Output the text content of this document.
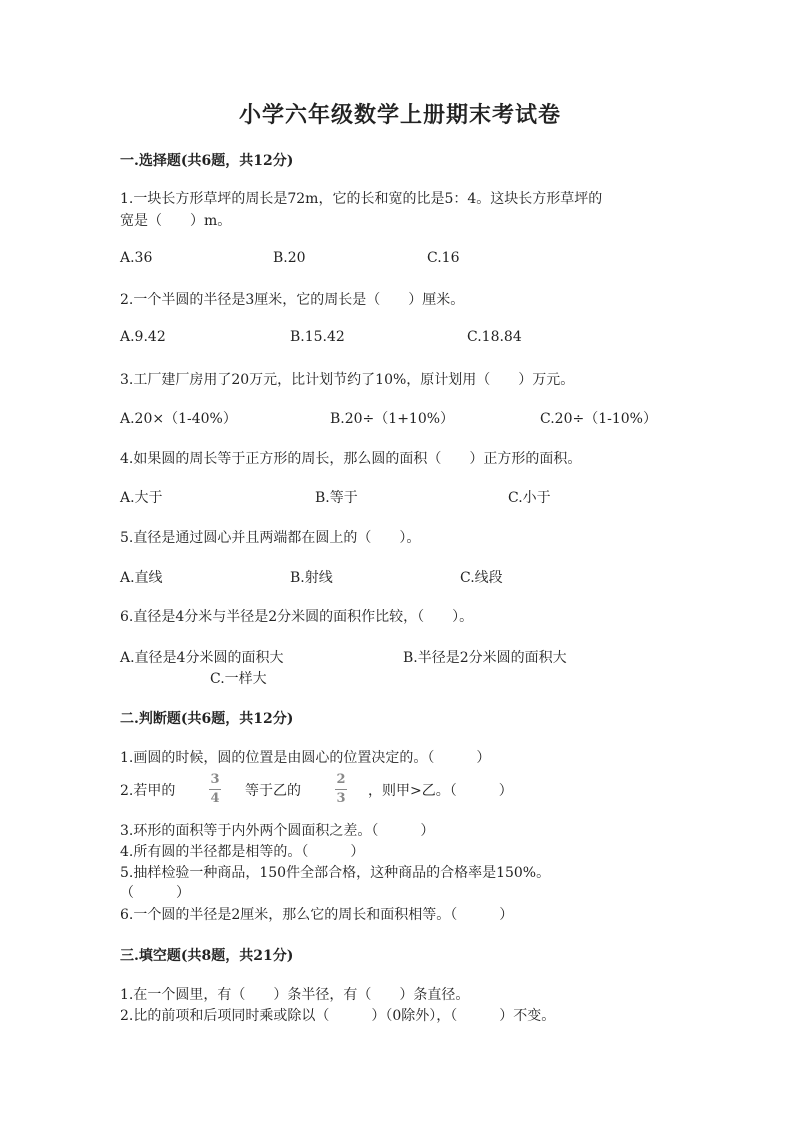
小学六年级数学上册期末考试卷
一.选择题(共6题，共12分)
1.一块长方形草坪的周长是72m，它的长和宽的比是5：4。这块长方形草坪的
宽是（　　）m。
A.36	B.20	C.16
2.一个半圆的半径是3厘米，它的周长是（　　）厘米。
A.9.42	B.15.42	C.18.84
3.工厂建厂房用了20万元，比计划节约了10%，原计划用（　　）万元。
A.20×（1-40%）	B.20÷（1+10%）	C.20÷（1-10%）
4.如果圆的周长等于正方形的周长，那么圆的面积（　　）正方形的面积。
A.大于	B.等于	C.小于
5.直径是通过圆心并且两端都在圆上的（　　）。
A.直线	B.射线	C.线段
6.直径是4分米与半径是2分米圆的面积作比较，（　　）。
A.直径是4分米圆的面积大	B.半径是2分米圆的面积大
C.一样大
二.判断题(共6题，共12分)
1.画圆的时候，圆的位置是由圆心的位置决定的。（　　　）
2.若甲的
3
4 等于乙的
2
3 ，则甲>乙。（　　　）
3.环形的面积等于内外两个圆面积之差。（　　　）
4.所有圆的半径都是相等的。（　　　）
5.抽样检验一种商品，150件全部合格，这种商品的合格率是150%。
（　　　）
6.一个圆的半径是2厘米，那么它的周长和面积相等。（　　　）
三.填空题(共8题，共21分)
1.在一个圆里，有（　　）条半径，有（　　）条直径。
2.比的前项和后项同时乘或除以（　　　）（0除外），（　　　）不变。
